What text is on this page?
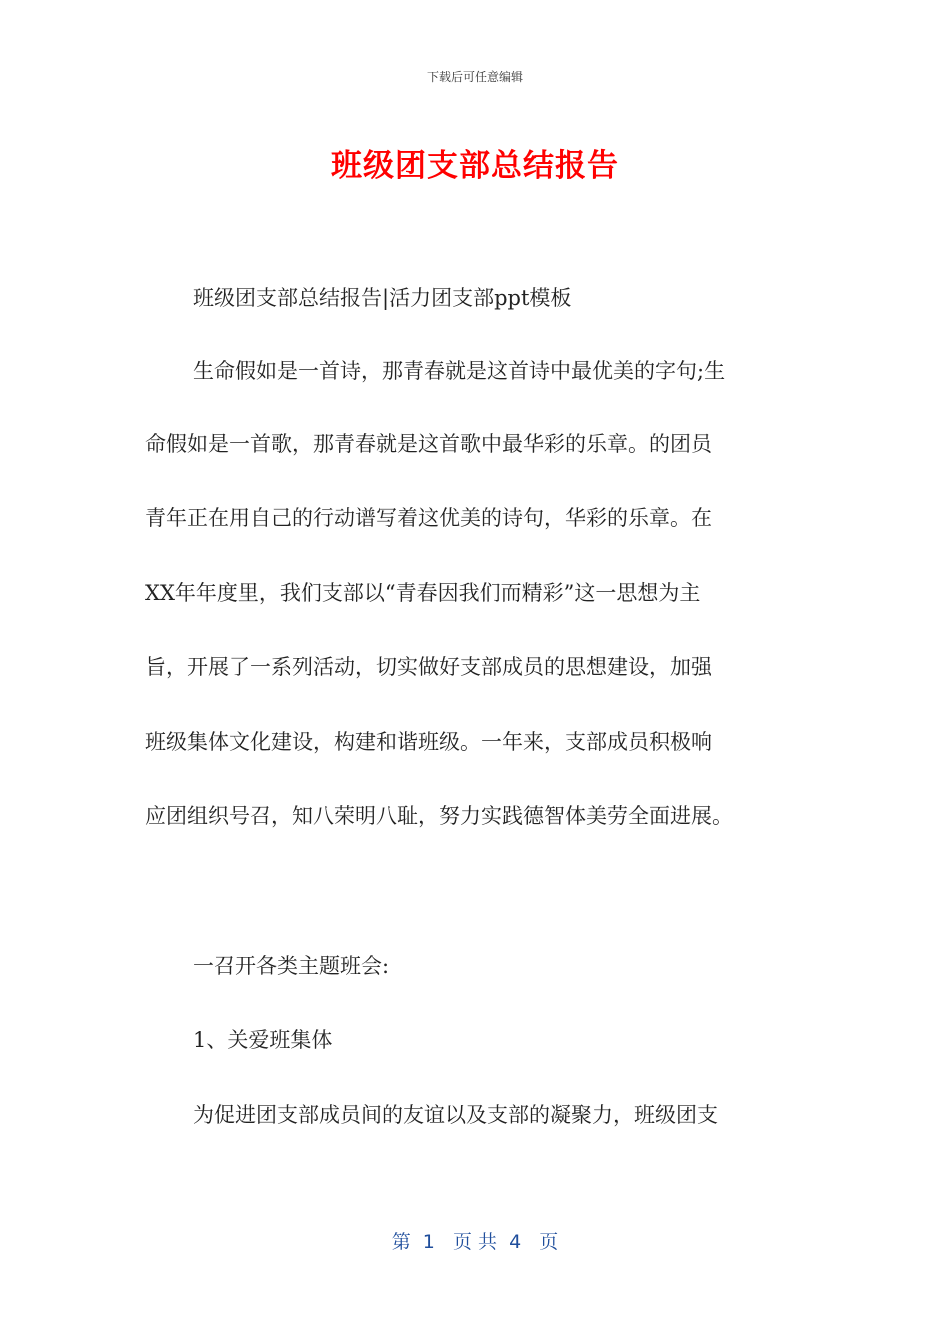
下载后可任意编辑
班级团支部总结报告
班级团支部总结报告|活力团支部ppt模板
生命假如是一首诗，那青春就是这首诗中最优美的字句;生
命假如是一首歌，那青春就是这首歌中最华彩的乐章。的团员
青年正在用自己的行动谱写着这优美的诗句，华彩的乐章。在
XX年年度里，我们支部以“青春因我们而精彩”这一思想为主
旨，开展了一系列活动，切实做好支部成员的思想建设，加强
班级集体文化建设，构建和谐班级。一年来，支部成员积极响
应团组织号召，知八荣明八耻，努力实践德智体美劳全面进展。
一召开各类主题班会:
1、关爱班集体
为促进团支部成员间的友谊以及支部的凝聚力，班级团支
第  1   页 共  4   页
